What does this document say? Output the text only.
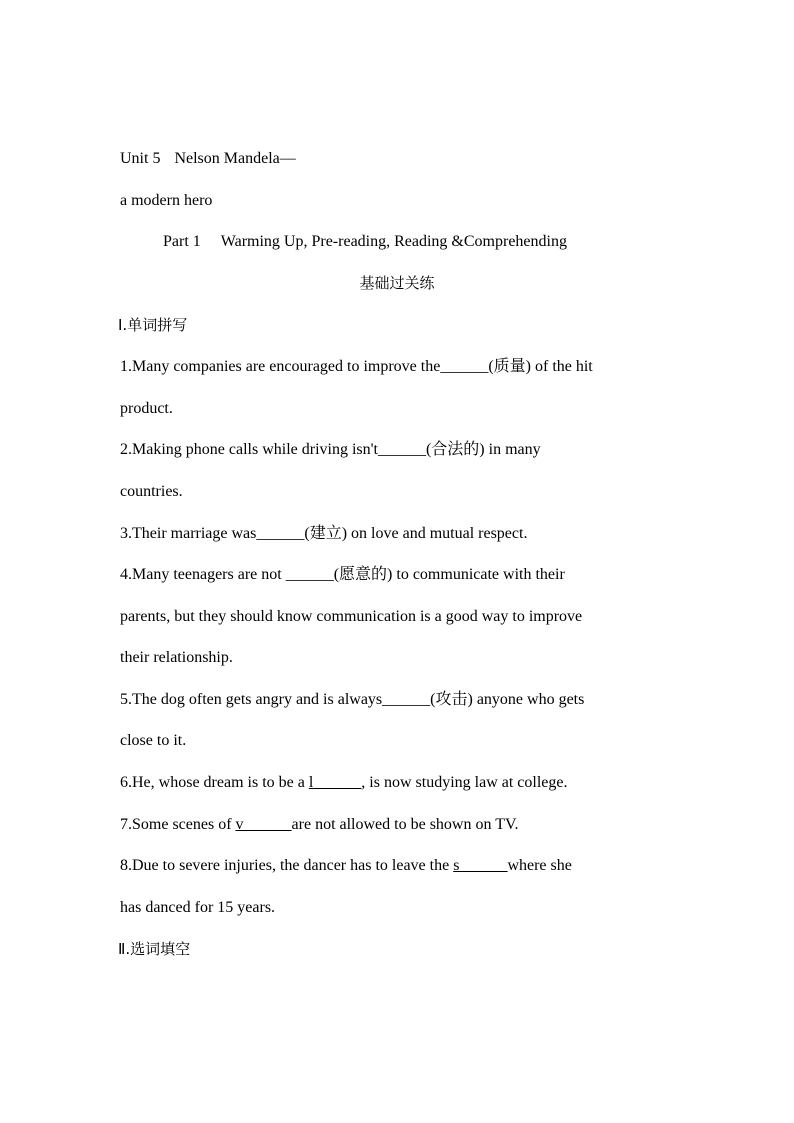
Unit 5 Nelson Mandela—
a modern hero
Part 1 Warming Up, Pre-reading, Reading &Comprehending
基础过关练
Ⅰ.单词拼写
1.Many companies are encouraged to improve the______(质量) of the hit
product.
2.Making phone calls while driving isn't______(合法的) in many
countries.
3.Their marriage was______(建立) on love and mutual respect.
4.Many teenagers are not ______(愿意的) to communicate with their
parents, but they should know communication is a good way to improve
their relationship.
5.The dog often gets angry and is always______(攻击) anyone who gets
close to it.
6.He, whose dream is to be a l______, is now studying law at college.
7.Some scenes of v______are not allowed to be shown on TV.
8.Due to severe injuries, the dancer has to leave the s______where she
has danced for 15 years.
Ⅱ.选词填空
